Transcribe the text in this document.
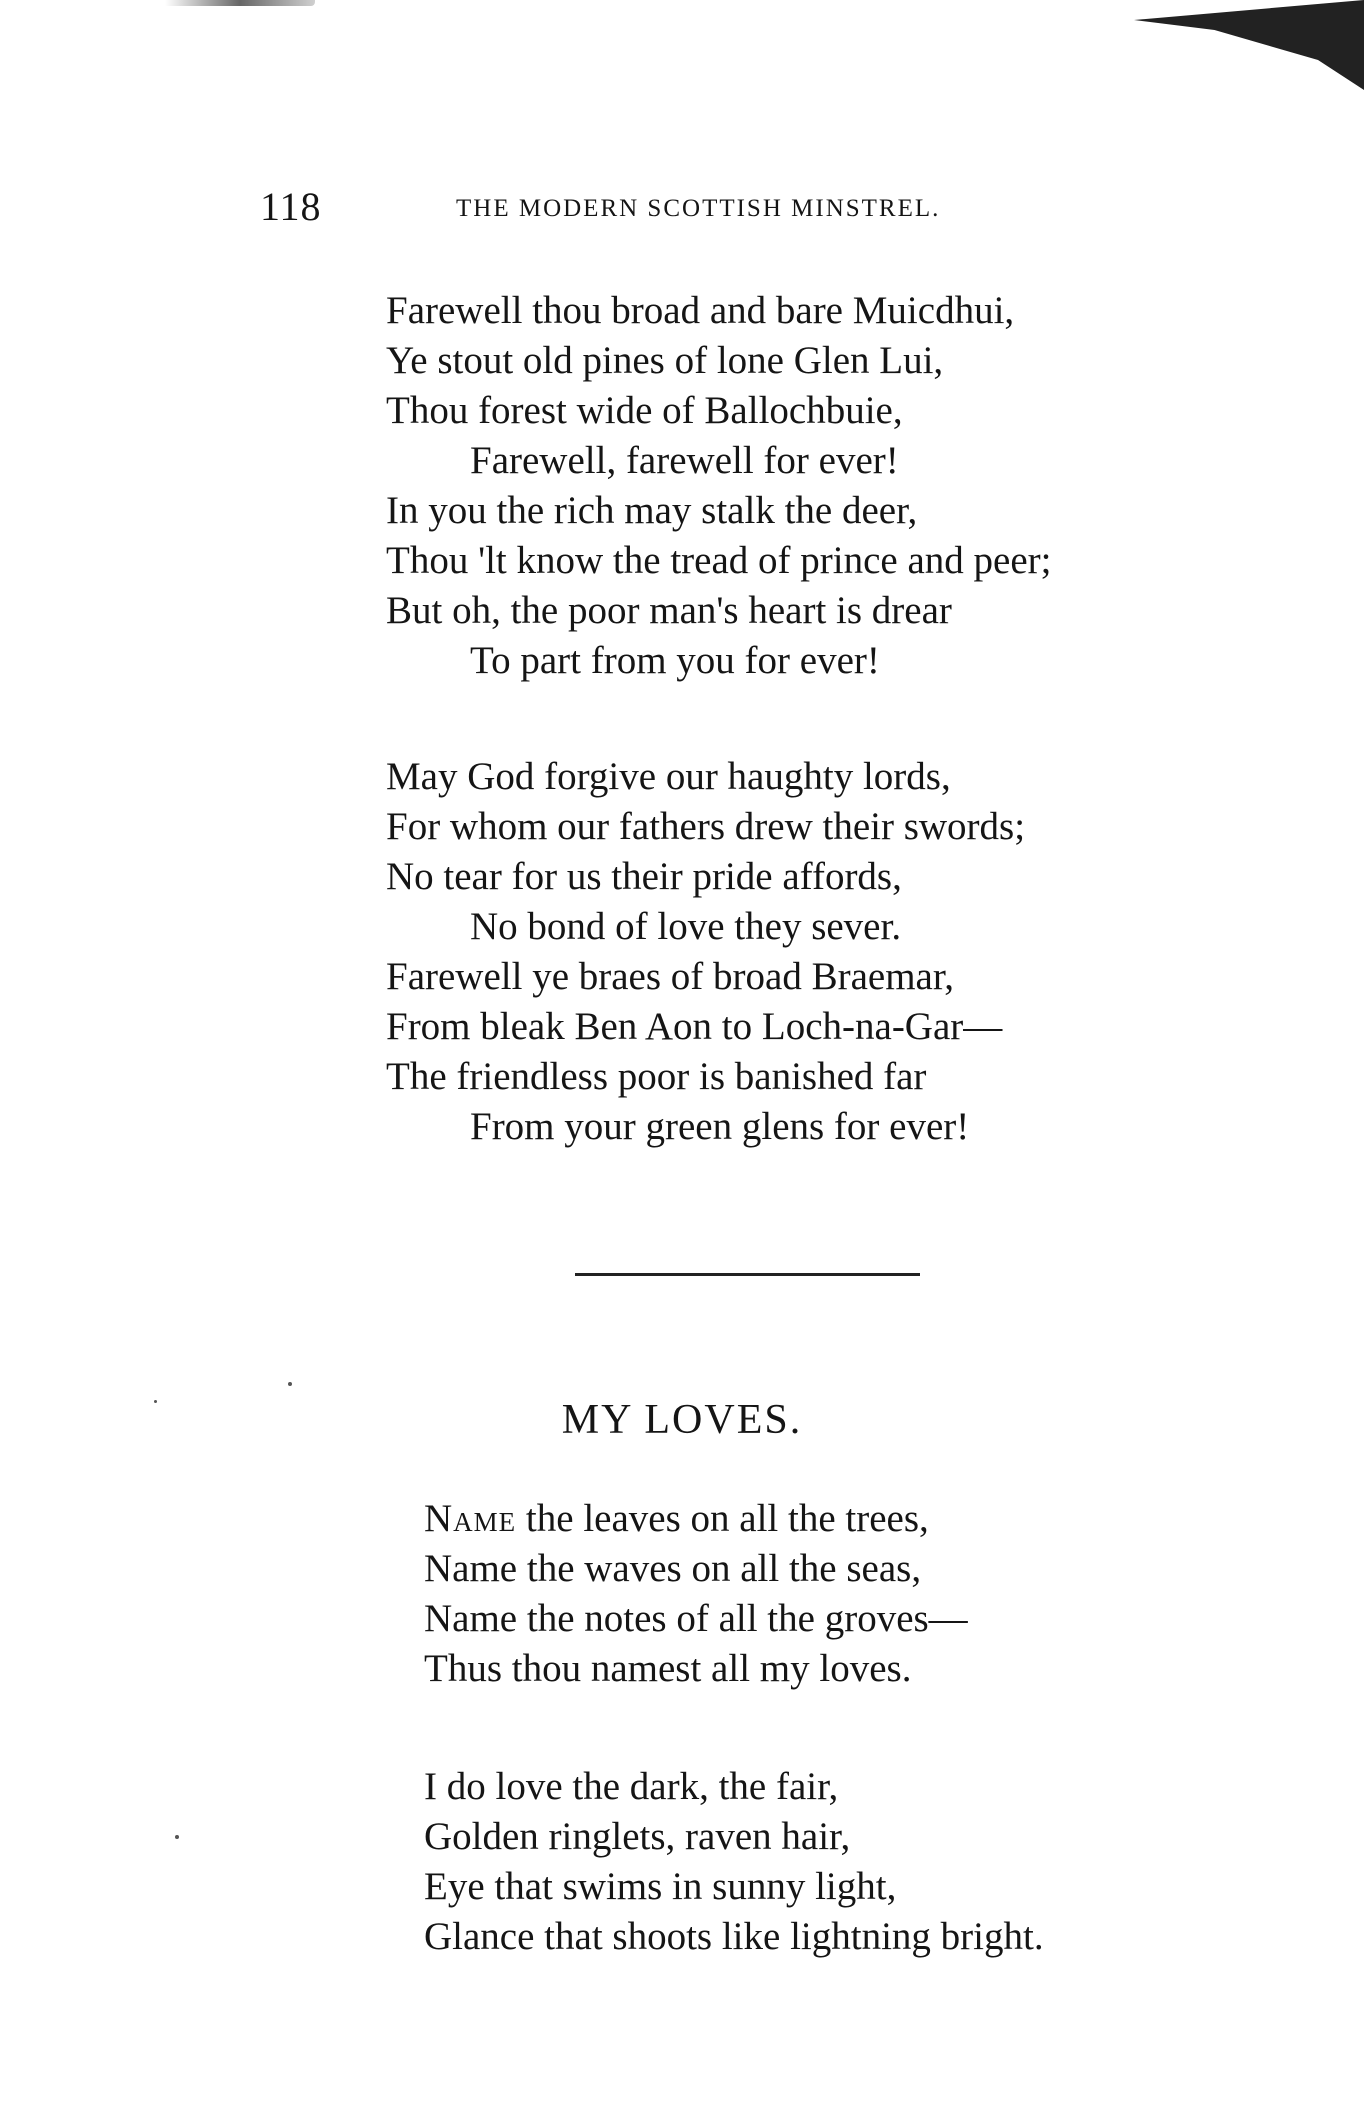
118	THE MODERN SCOTTISH MINSTREL.
Farewell thou broad and bare Muicdhui,
Ye stout old pines of lone Glen Lui,
Thou forest wide of Ballochbuie,
Farewell, farewell for ever!
In you the rich may stalk the deer,
Thou 'lt know the tread of prince and peer;
But oh, the poor man's heart is drear
To part from you for ever!
May God forgive our haughty lords,
For whom our fathers drew their swords;
No tear for us their pride affords,
No bond of love they sever.
Farewell ye braes of broad Braemar,
From bleak Ben Aon to Loch-na-Gar—
The friendless poor is banished far
From your green glens for ever!
MY LOVES.
Name the leaves on all the trees,
Name the waves on all the seas,
Name the notes of all the groves—
Thus thou namest all my loves.
I do love the dark, the fair,
Golden ringlets, raven hair,
Eye that swims in sunny light,
Glance that shoots like lightning bright.
